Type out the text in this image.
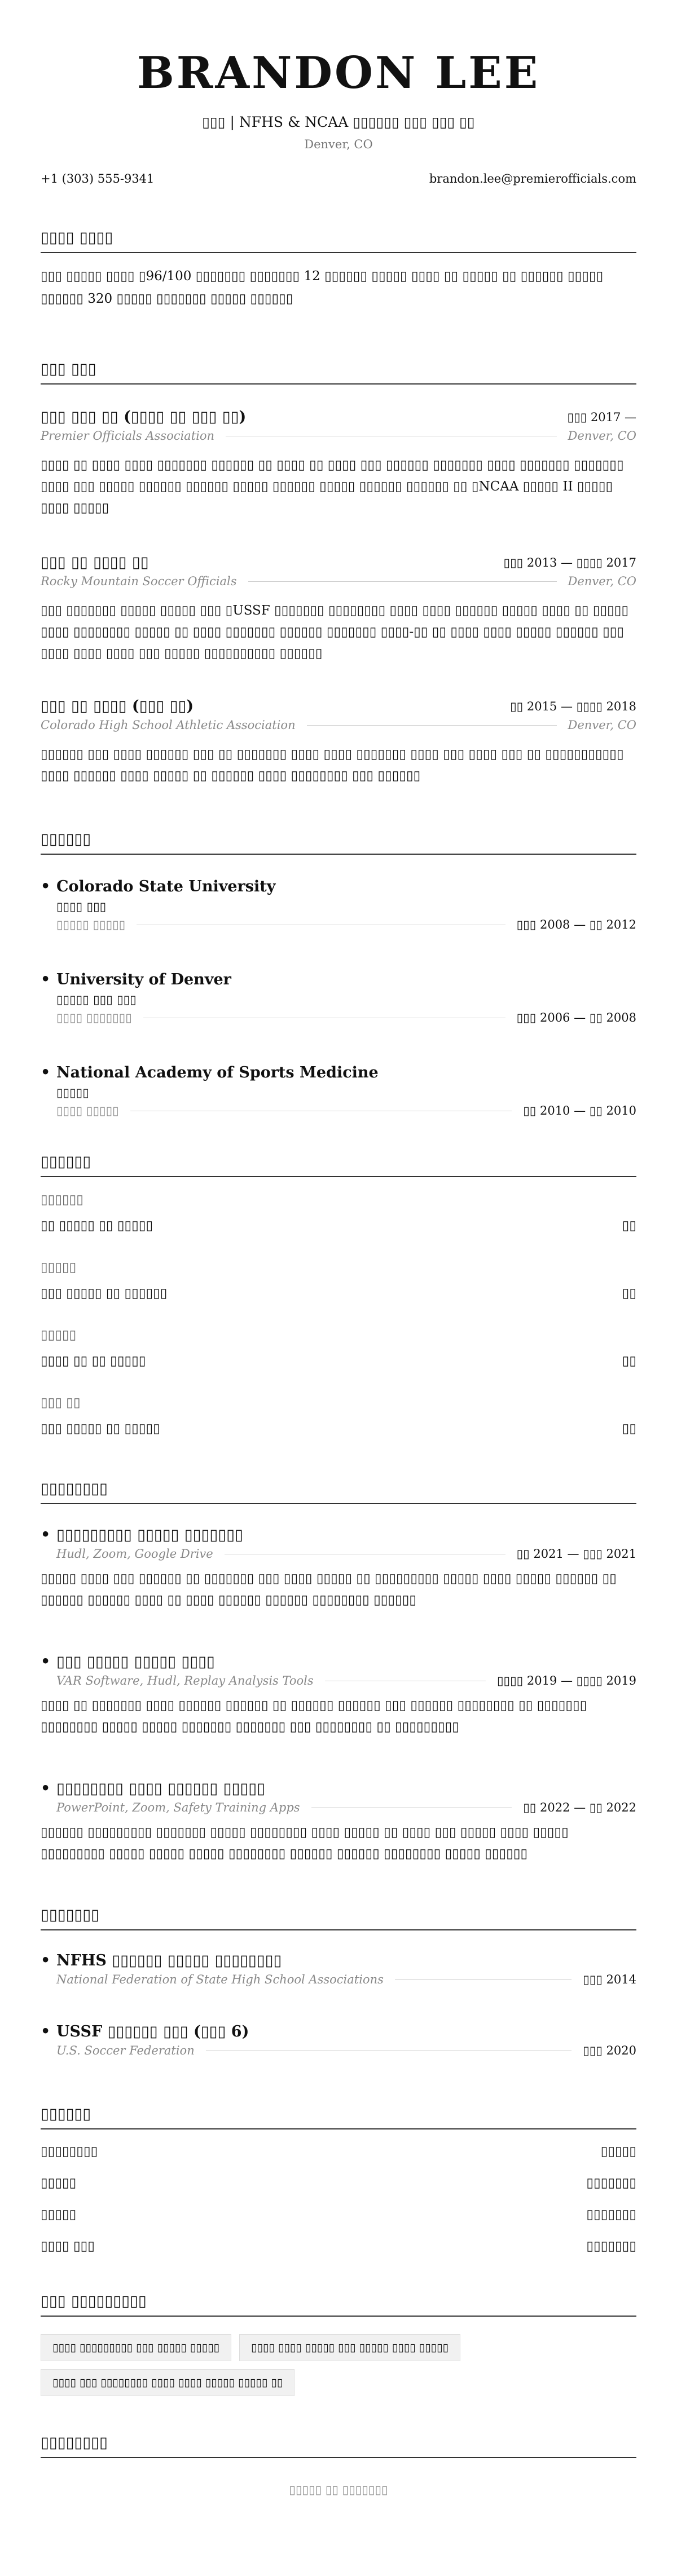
BRANDON LEE
▯▯▯ | NFHS & NCAA ▯▯▯▯▯▯ ▯▯▯ ▯▯▯ ▯▯
Denver, CO
+1 (303) 555-9341	brandon.lee@premierofficials.com
▯▯▯▯ ▯▯▯▯
▯▯▯ ▯▯▯▯▯ ▯▯▯▯ ▯96/100 ▯▯▯▯▯▯▯ ▯▯▯▯▯▯▯ 12 ▯▯▯▯▯▯ ▯▯▯▯▯ ▯▯▯▯ ▯▯ ▯▯▯▯▯ ▯▯ ▯▯▯▯▯▯ ▯▯▯▯▯ ▯▯▯▯▯▯ 320 ▯▯▯▯▯ ▯▯▯▯▯▯▯ ▯▯▯▯▯ ▯▯▯▯▯▯
▯▯▯ ▯▯▯
▯▯▯ ▯▯▯ ▯▯ (▯▯▯▯ ▯▯ ▯▯▯ ▯▯)	▯▯▯ 2017 —
Premier Officials Association	Denver, CO
▯▯▯▯ ▯▯ ▯▯▯▯ ▯▯▯▯ ▯▯▯▯▯▯▯ ▯▯▯▯▯▯ ▯▯ ▯▯▯▯ ▯▯ ▯▯▯▯ ▯▯▯ ▯▯▯▯▯▯ ▯▯▯▯▯▯▯ ▯▯▯▯ ▯▯▯▯▯▯▯ ▯▯▯▯▯▯▯ ▯▯▯▯ ▯▯▯ ▯▯▯▯▯ ▯▯▯▯▯▯ ▯▯▯▯▯▯ ▯▯▯▯▯ ▯▯▯▯▯▯ ▯▯▯▯▯ ▯▯▯▯▯▯ ▯▯▯▯▯▯ ▯▯ ▯NCAA ▯▯▯▯▯ II ▯▯▯▯▯ ▯▯▯▯ ▯▯▯▯▯
▯▯▯ ▯▯ ▯▯▯▯ ▯▯	▯▯▯ 2013 — ▯▯▯▯ 2017
Rocky Mountain Soccer Officials	Denver, CO
▯▯▯ ▯▯▯▯▯▯▯ ▯▯▯▯▯ ▯▯▯▯▯ ▯▯▯ ▯USSF ▯▯▯▯▯▯▯ ▯▯▯▯▯▯▯▯ ▯▯▯▯ ▯▯▯▯ ▯▯▯▯▯▯ ▯▯▯▯▯ ▯▯▯▯ ▯▯ ▯▯▯▯▯ ▯▯▯▯ ▯▯▯▯▯▯▯▯ ▯▯▯▯▯ ▯▯ ▯▯▯▯ ▯▯▯▯▯▯▯ ▯▯▯▯▯▯ ▯▯▯▯▯▯▯ ▯▯▯▯-▯▯ ▯▯ ▯▯▯▯ ▯▯▯▯ ▯▯▯▯▯ ▯▯▯▯▯▯ ▯▯▯ ▯▯▯▯ ▯▯▯▯ ▯▯▯▯ ▯▯▯ ▯▯▯▯▯ ▯▯▯▯▯▯▯▯▯▯ ▯▯▯▯▯▯
▯▯▯ ▯▯ ▯▯▯▯ (▯▯▯ ▯▯)	▯▯ 2015 — ▯▯▯▯ 2018
Colorado High School Athletic Association	Denver, CO
▯▯▯▯▯▯ ▯▯▯ ▯▯▯▯ ▯▯▯▯▯▯ ▯▯▯ ▯▯ ▯▯▯▯▯▯▯ ▯▯▯▯ ▯▯▯▯ ▯▯▯▯▯▯▯ ▯▯▯▯ ▯▯▯ ▯▯▯▯ ▯▯▯ ▯▯ ▯▯▯▯▯▯▯▯▯▯▯ ▯▯▯▯ ▯▯▯▯▯▯ ▯▯▯▯ ▯▯▯▯▯ ▯▯ ▯▯▯▯▯▯ ▯▯▯▯ ▯▯▯▯▯▯▯▯ ▯▯▯ ▯▯▯▯▯▯
▯▯▯▯▯▯
• Colorado State University
▯▯▯▯ ▯▯▯
▯▯▯▯▯ ▯▯▯▯▯	▯▯▯ 2008 — ▯▯ 2012
• University of Denver
▯▯▯▯▯ ▯▯▯ ▯▯▯
▯▯▯▯ ▯▯▯▯▯▯▯	▯▯▯ 2006 — ▯▯ 2008
• National Academy of Sports Medicine
▯▯▯▯▯
▯▯▯▯ ▯▯▯▯▯	▯▯ 2010 — ▯▯ 2010
▯▯▯▯▯▯
▯▯▯▯▯▯
▯▯ ▯▯▯▯▯ ▯▯ ▯▯▯▯▯	▯▯
▯▯▯▯▯
▯▯▯ ▯▯▯▯▯ ▯▯ ▯▯▯▯▯▯	▯▯
▯▯▯▯▯
▯▯▯▯ ▯▯ ▯▯ ▯▯▯▯▯	▯▯
▯▯▯ ▯▯
▯▯▯ ▯▯▯▯▯ ▯▯ ▯▯▯▯▯	▯▯
▯▯▯▯▯▯▯▯
• ▯▯▯▯▯▯▯▯▯ ▯▯▯▯▯ ▯▯▯▯▯▯▯
Hudl, Zoom, Google Drive	▯▯ 2021 — ▯▯▯ 2021
▯▯▯▯▯ ▯▯▯▯ ▯▯▯ ▯▯▯▯▯▯ ▯▯ ▯▯▯▯▯▯▯ ▯▯▯ ▯▯▯▯ ▯▯▯▯▯ ▯▯ ▯▯▯▯▯▯▯▯▯ ▯▯▯▯▯ ▯▯▯▯ ▯▯▯▯▯ ▯▯▯▯▯▯ ▯▯ ▯▯▯▯▯▯ ▯▯▯▯▯▯ ▯▯▯▯ ▯▯ ▯▯▯▯ ▯▯▯▯▯▯ ▯▯▯▯▯▯ ▯▯▯▯▯▯▯▯ ▯▯▯▯▯▯
• ▯▯▯ ▯▯▯▯▯ ▯▯▯▯▯ ▯▯▯▯
VAR Software, Hudl, Replay Analysis Tools	▯▯▯▯ 2019 — ▯▯▯▯ 2019
▯▯▯▯ ▯▯ ▯▯▯▯▯▯▯ ▯▯▯▯ ▯▯▯▯▯▯ ▯▯▯▯▯▯ ▯▯ ▯▯▯▯▯▯ ▯▯▯▯▯▯ ▯▯▯ ▯▯▯▯▯▯ ▯▯▯▯▯▯▯▯ ▯▯ ▯▯▯▯▯▯▯ ▯▯▯▯▯▯▯▯ ▯▯▯▯▯ ▯▯▯▯▯ ▯▯▯▯▯▯▯ ▯▯▯▯▯▯▯ ▯▯▯ ▯▯▯▯▯▯▯▯ ▯▯ ▯▯▯▯▯▯▯▯▯
• ▯▯▯▯▯▯▯▯ ▯▯▯▯ ▯▯▯▯▯▯ ▯▯▯▯▯
PowerPoint, Zoom, Safety Training Apps	▯▯ 2022 — ▯▯ 2022
▯▯▯▯▯▯ ▯▯▯▯▯▯▯▯▯ ▯▯▯▯▯▯▯ ▯▯▯▯▯ ▯▯▯▯▯▯▯▯ ▯▯▯▯ ▯▯▯▯▯ ▯▯ ▯▯▯▯ ▯▯▯ ▯▯▯▯▯ ▯▯▯▯ ▯▯▯▯▯ ▯▯▯▯▯▯▯▯▯ ▯▯▯▯▯ ▯▯▯▯▯ ▯▯▯▯▯ ▯▯▯▯▯▯▯▯ ▯▯▯▯▯▯ ▯▯▯▯▯▯ ▯▯▯▯▯▯▯▯ ▯▯▯▯▯ ▯▯▯▯▯▯
▯▯▯▯▯▯▯
• NFHS ▯▯▯▯▯▯ ▯▯▯▯▯ ▯▯▯▯▯▯▯▯
National Federation of State High School Associations	▯▯▯ 2014
• USSF ▯▯▯▯▯▯ ▯▯▯ (▯▯▯ 6)
U.S. Soccer Federation	▯▯▯ 2020
▯▯▯▯▯▯
▯▯▯▯▯▯▯▯	▯▯▯▯▯
▯▯▯▯▯	▯▯▯▯▯▯▯
▯▯▯▯▯	▯▯▯▯▯▯▯
▯▯▯▯ ▯▯▯	▯▯▯▯▯▯▯
▯▯▯ ▯▯▯▯▯▯▯▯▯
▯▯▯▯ ▯▯▯▯▯▯▯▯▯ ▯▯▯ ▯▯▯▯▯ ▯▯▯▯▯	▯▯▯▯ ▯▯▯▯ ▯▯▯▯▯ ▯▯▯ ▯▯▯▯▯ ▯▯▯▯ ▯▯▯▯▯
▯▯▯▯ ▯▯▯ ▯▯▯▯▯▯▯▯ ▯▯▯▯ ▯▯▯▯ ▯▯▯▯▯ ▯▯▯▯▯ ▯▯
▯▯▯▯▯▯▯▯
▯▯▯▯▯ ▯▯ ▯▯▯▯▯▯▯
